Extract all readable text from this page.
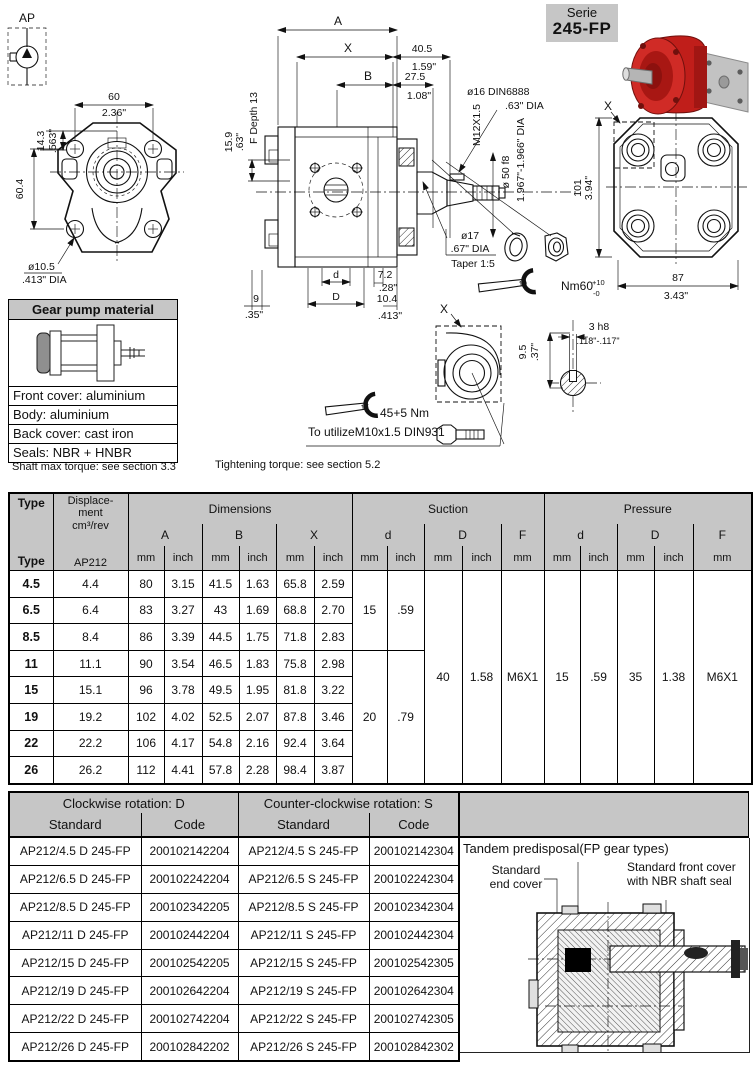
AP
60
2.36"
14.3 .563"
60.4
ø10.5
.413" DIA
A
X	40.5
1.59"
B	27.5
1.08"	ø16 DIN6888
.63" DIA
M12X1.5
ø 50 f8 1.967"-1.966" DIA
ø17
.67" DIA
Taper 1:5
15.9 .63" F Depth 13
9
.35"
d
D
7.2
.28"
10.4
.413"
19	Nm60
+10
-0
X
101 3.94"
87
3.43"
X
3 h8
.118"-.117"
9.5 .37"
17 45+5 Nm
To utilizeM10x1.5 DIN931
Serie
245-FP
Gear pump material
Front cover: aluminium
Body: aluminium
Back cover: cast iron
Seals: NBR + HNBR
Shaft max torque: see section 3.3	Tightening torque: see section 5.2
Type
Type	Displace-
ment
cm³/rev
AP212	Dimensions						Suction					Pressure				
		A		B		X		d		D		F	d		D		F
		mm	inch	mm	inch	mm	inch	mm	inch	mm	inch	mm	mm	inch	mm	inch	mm
4.5	4.4	80	3.15	41.5	1.63	65.8	2.59	15	.59	40	1.58	M6X1	15	.59	35	1.38	M6X1
6.5	6.4	83	3.27	43	1.69	68.8	2.70										
8.5	8.4	86	3.39	44.5	1.75	71.8	2.83										
11	11.1	90	3.54	46.5	1.83	75.8	2.98	20	.79								
15	15.1	96	3.78	49.5	1.95	81.8	3.22										
19	19.2	102	4.02	52.5	2.07	87.8	3.46										
22	22.2	106	4.17	54.8	2.16	92.4	3.64										
26	26.2	112	4.41	57.8	2.28	98.4	3.87										
Clockwise rotation: D		Counter-clockwise rotation: S	
Standard	Code	Standard	Code
AP212/4.5 D 245-FP	200102142204	AP212/4.5 S 245-FP	200102142304
AP212/6.5 D 245-FP	200102242204	AP212/6.5 S 245-FP	200102242304
AP212/8.5 D 245-FP	200102342205	AP212/8.5 S 245-FP	200102342304
AP212/11 D 245-FP	200102442204	AP212/11 S 245-FP	200102442304
AP212/15 D 245-FP	200102542205	AP212/15 S 245-FP	200102542305
AP212/19 D 245-FP	200102642204	AP212/19 S 245-FP	200102642304
AP212/22 D 245-FP	200102742204	AP212/22 S 245-FP	200102742305
AP212/26 D 245-FP	200102842202	AP212/26 S 245-FP	200102842302
Tandem predisposal(FP gear types)
Standard
end cover
Standard front cover
with NBR shaft seal
